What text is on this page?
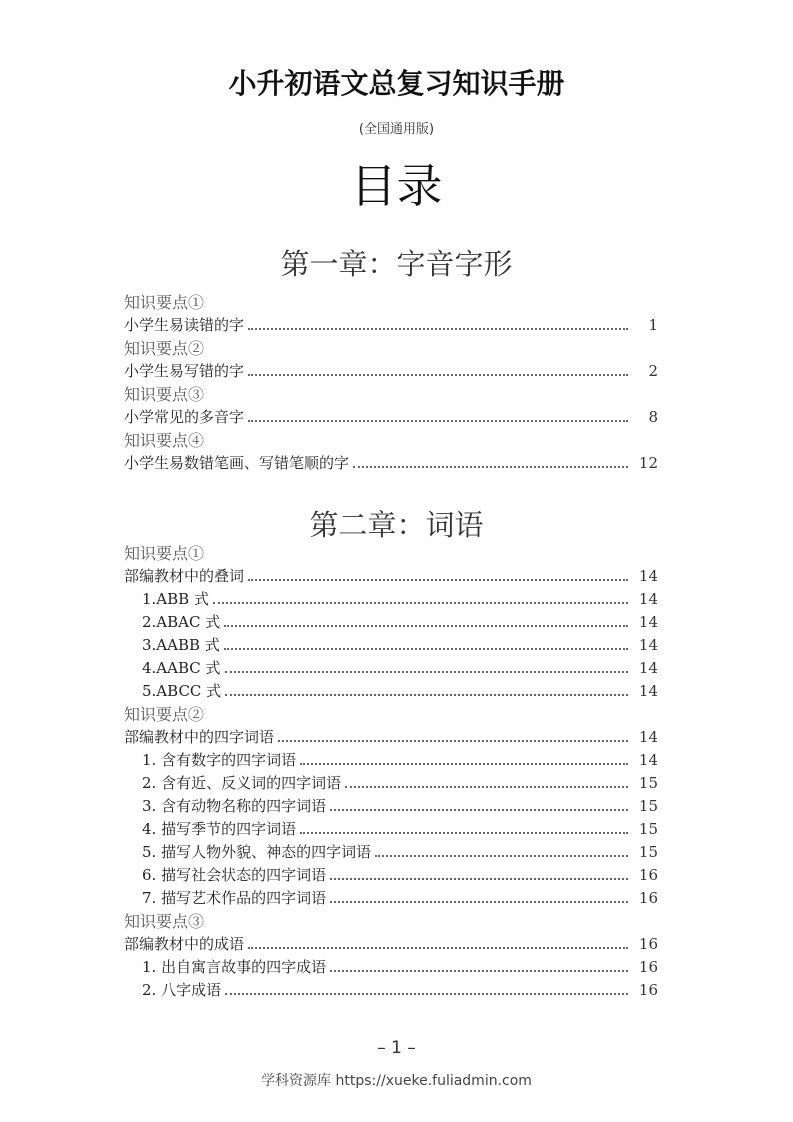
小升初语文总复习知识手册
(全国通用版)
目录
第一章：字音字形
知识要点①
小学生易读错的字	1
知识要点②
小学生易写错的字	2
知识要点③
小学常见的多音字	8
知识要点④
小学生易数错笔画、写错笔顺的字	12
第二章：词语
知识要点①
部编教材中的叠词	14
1.ABB 式	14
2.ABAC 式	14
3.AABB 式	14
4.AABC 式	14
5.ABCC 式	14
知识要点②
部编教材中的四字词语	14
1. 含有数字的四字词语	14
2. 含有近、反义词的四字词语	15
3. 含有动物名称的四字词语	15
4. 描写季节的四字词语	15
5. 描写人物外貌、神态的四字词语	15
6. 描写社会状态的四字词语	16
7. 描写艺术作品的四字词语	16
知识要点③
部编教材中的成语	16
1. 出自寓言故事的四字成语	16
2. 八字成语	16
– 1 –
学科资源库 https://xueke.fuliadmin.com
